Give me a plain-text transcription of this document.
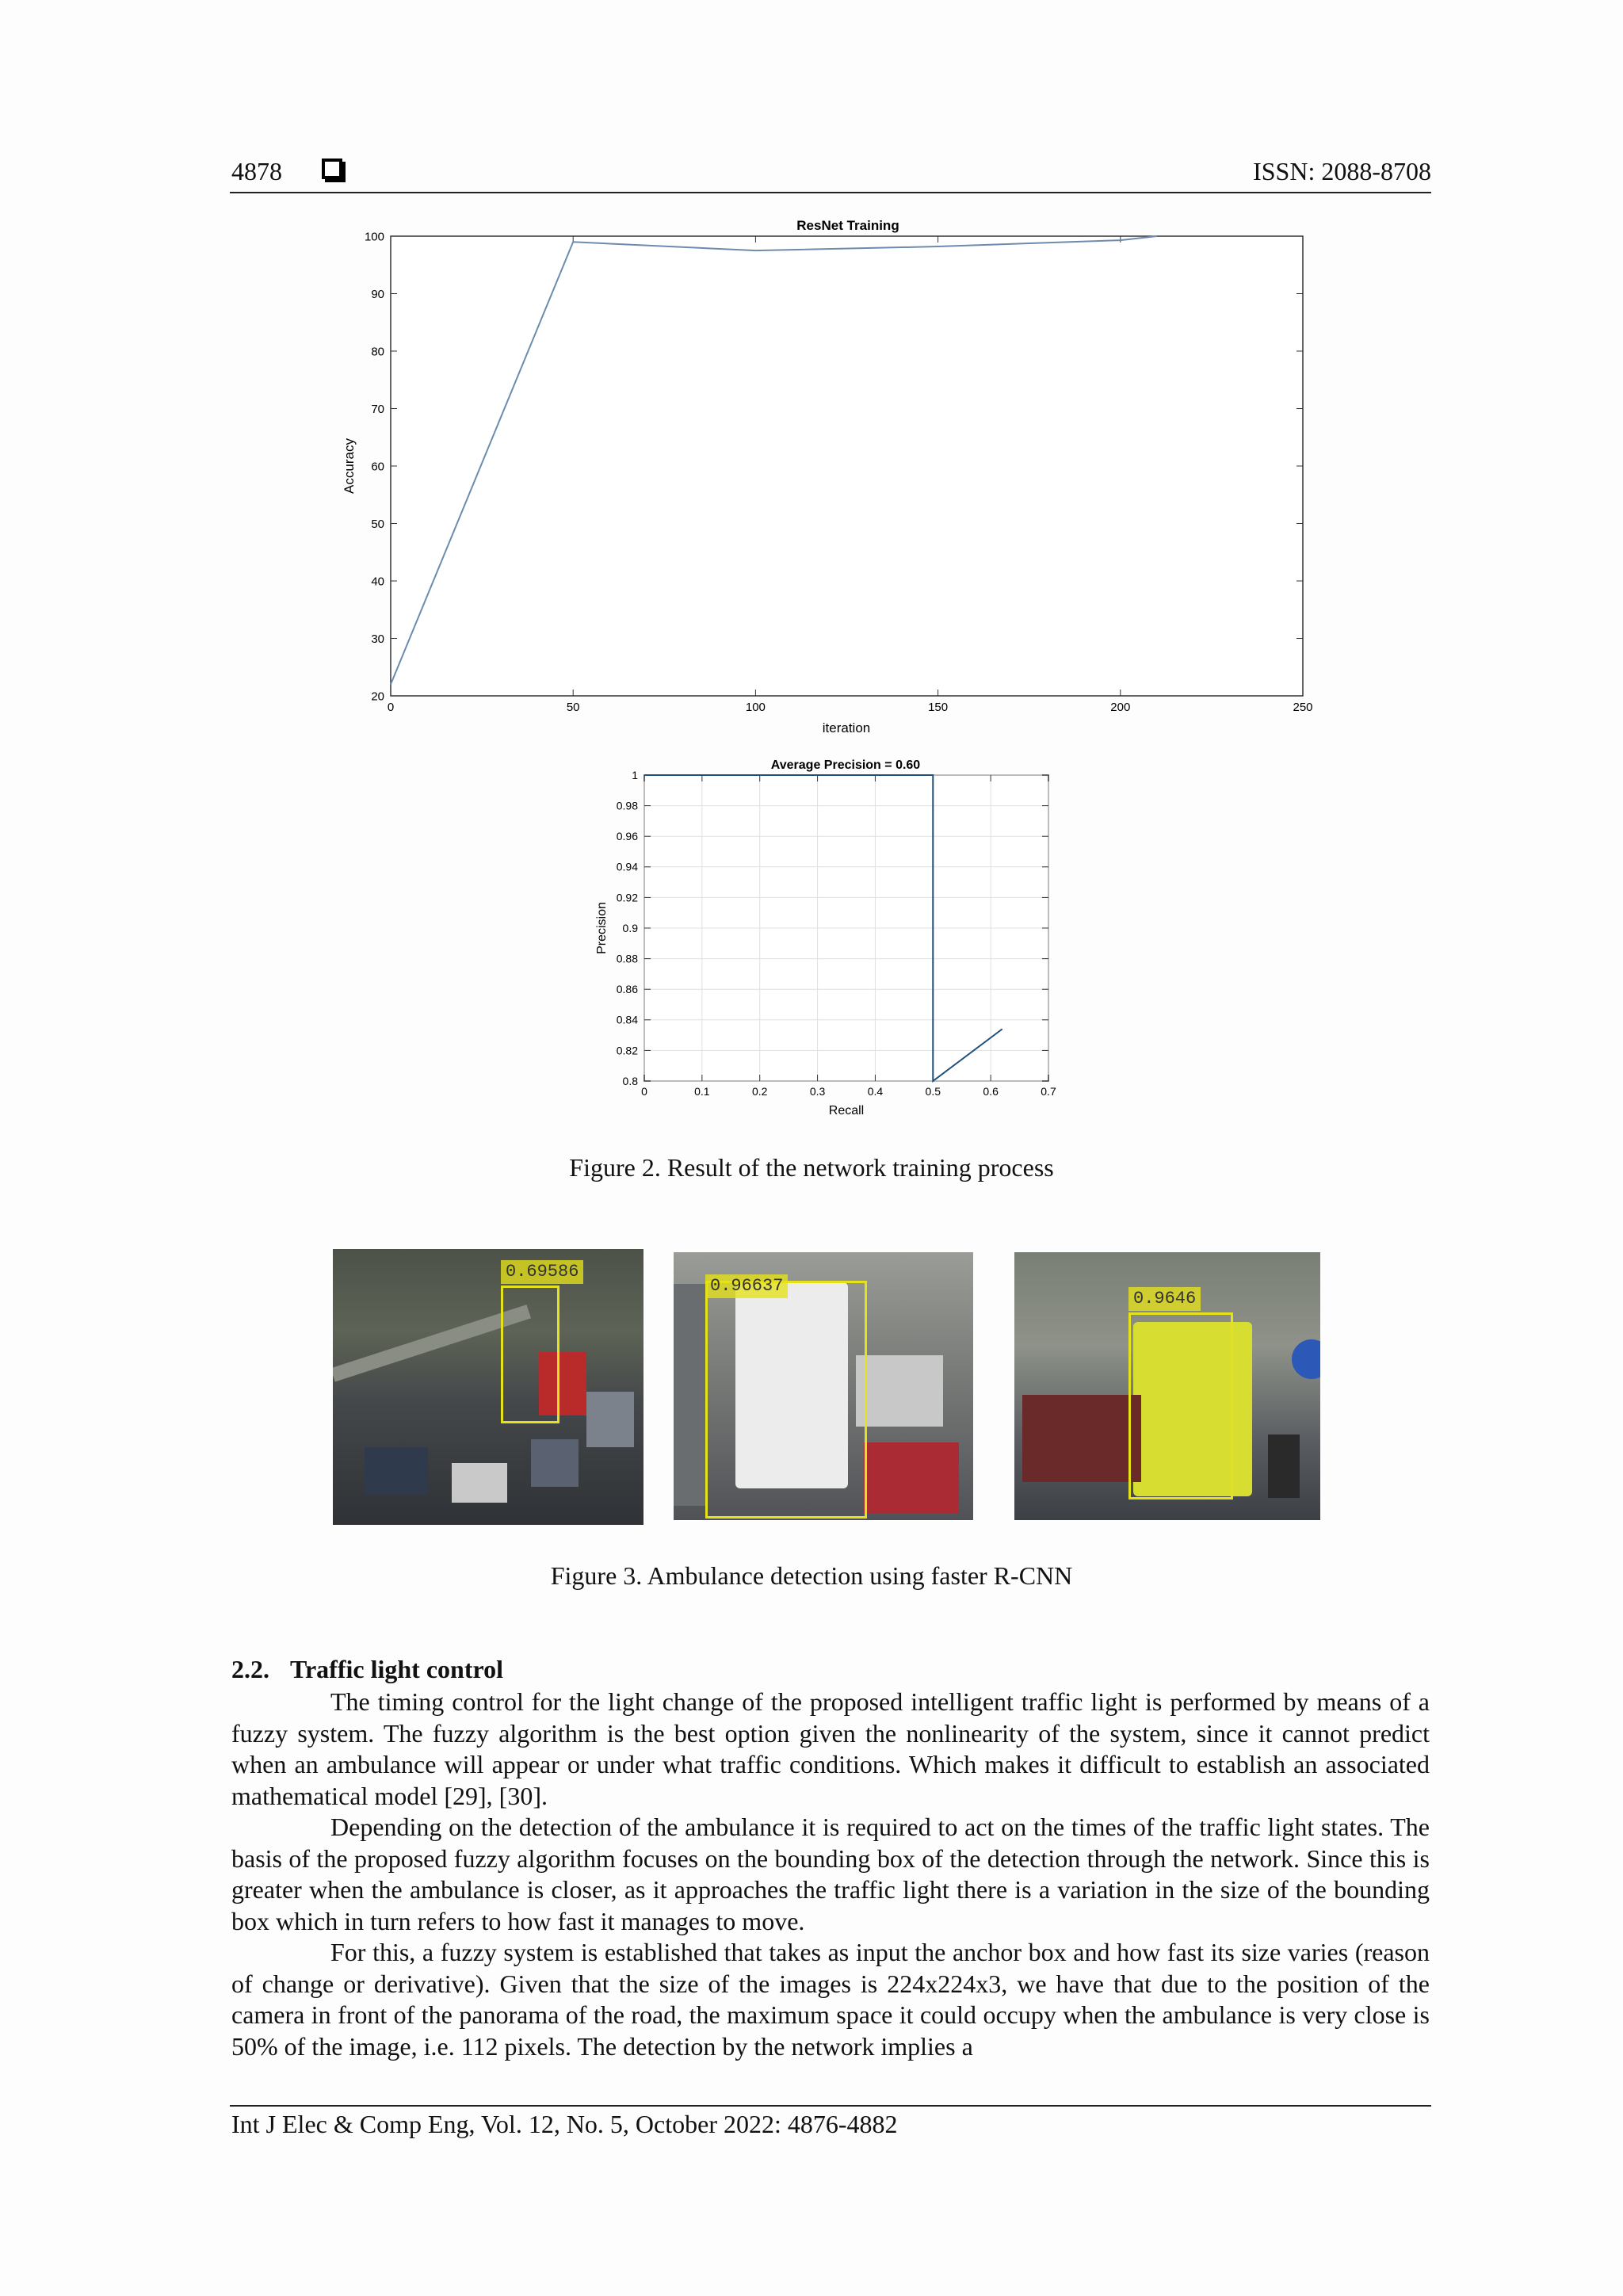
4878	ISSN: 2088-8708
ResNet Training
20
30
40
50
60
70
80
90
100
0	50	100	150	200	250
iteration
Accuracy
Average Precision = 0.60
0.8
0.82
0.84
0.86
0.88
0.9
0.92
0.94
0.96
0.98
1
0	0.1	0.2	0.3	0.4	0.5	0.6	0.7
Recall
Precision
Figure 2. Result of the network training process
0.69586
0.96637
0.9646
Figure 3. Ambulance detection using faster R-CNN
2.2. Traffic light control
The timing control for the light change of the proposed intelligent traffic light is performed by means of a fuzzy system. The fuzzy algorithm is the best option given the nonlinearity of the system, since it cannot predict when an ambulance will appear or under what traffic conditions. Which makes it difficult to establish an associated mathematical model [29], [30].
Depending on the detection of the ambulance it is required to act on the times of the traffic light states. The basis of the proposed fuzzy algorithm focuses on the bounding box of the detection through the network. Since this is greater when the ambulance is closer, as it approaches the traffic light there is a variation in the size of the bounding box which in turn refers to how fast it manages to move.
For this, a fuzzy system is established that takes as input the anchor box and how fast its size varies (reason of change or derivative). Given that the size of the images is 224x224x3, we have that due to the position of the camera in front of the panorama of the road, the maximum space it could occupy when the ambulance is very close is 50% of the image, i.e. 112 pixels. The detection by the network implies a
Int J Elec & Comp Eng, Vol. 12, No. 5, October 2022: 4876-4882
